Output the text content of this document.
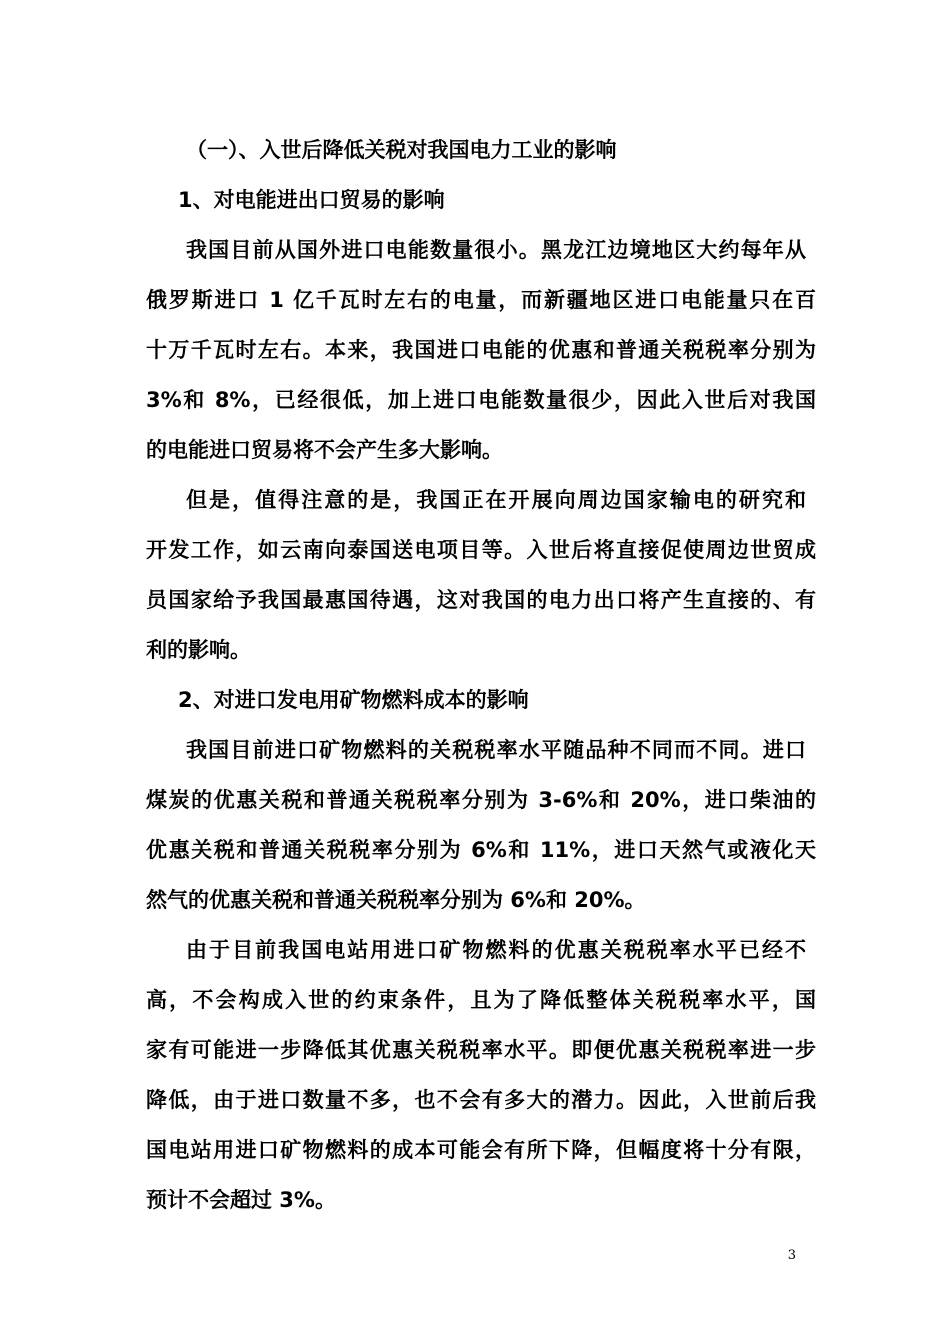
（一）、入世后降低关税对我国电力工业的影响

1、对电能进出口贸易的影响

我国目前从国外进口电能数量很小。黑龙江边境地区大约每年从

俄罗斯进口 1 亿千瓦时左右的电量，而新疆地区进口电能量只在百

十万千瓦时左右。本来，我国进口电能的优惠和普通关税税率分别为

3%和 8%，已经很低，加上进口电能数量很少，因此入世后对我国

的电能进口贸易将不会产生多大影响。

但是，值得注意的是，我国正在开展向周边国家输电的研究和

开发工作，如云南向泰国送电项目等。入世后将直接促使周边世贸成

员国家给予我国最惠国待遇，这对我国的电力出口将产生直接的、有

利的影响。

2、对进口发电用矿物燃料成本的影响

我国目前进口矿物燃料的关税税率水平随品种不同而不同。进口

煤炭的优惠关税和普通关税税率分别为 3-6%和 20%，进口柴油的

优惠关税和普通关税税率分别为 6%和 11%，进口天然气或液化天

然气的优惠关税和普通关税税率分别为 6%和 20%。

由于目前我国电站用进口矿物燃料的优惠关税税率水平已经不

高，不会构成入世的约束条件，且为了降低整体关税税率水平，国

家有可能进一步降低其优惠关税税率水平。即便优惠关税税率进一步

降低，由于进口数量不多，也不会有多大的潜力。因此，入世前后我

国电站用进口矿物燃料的成本可能会有所下降，但幅度将十分有限，

预计不会超过 3%。

3
